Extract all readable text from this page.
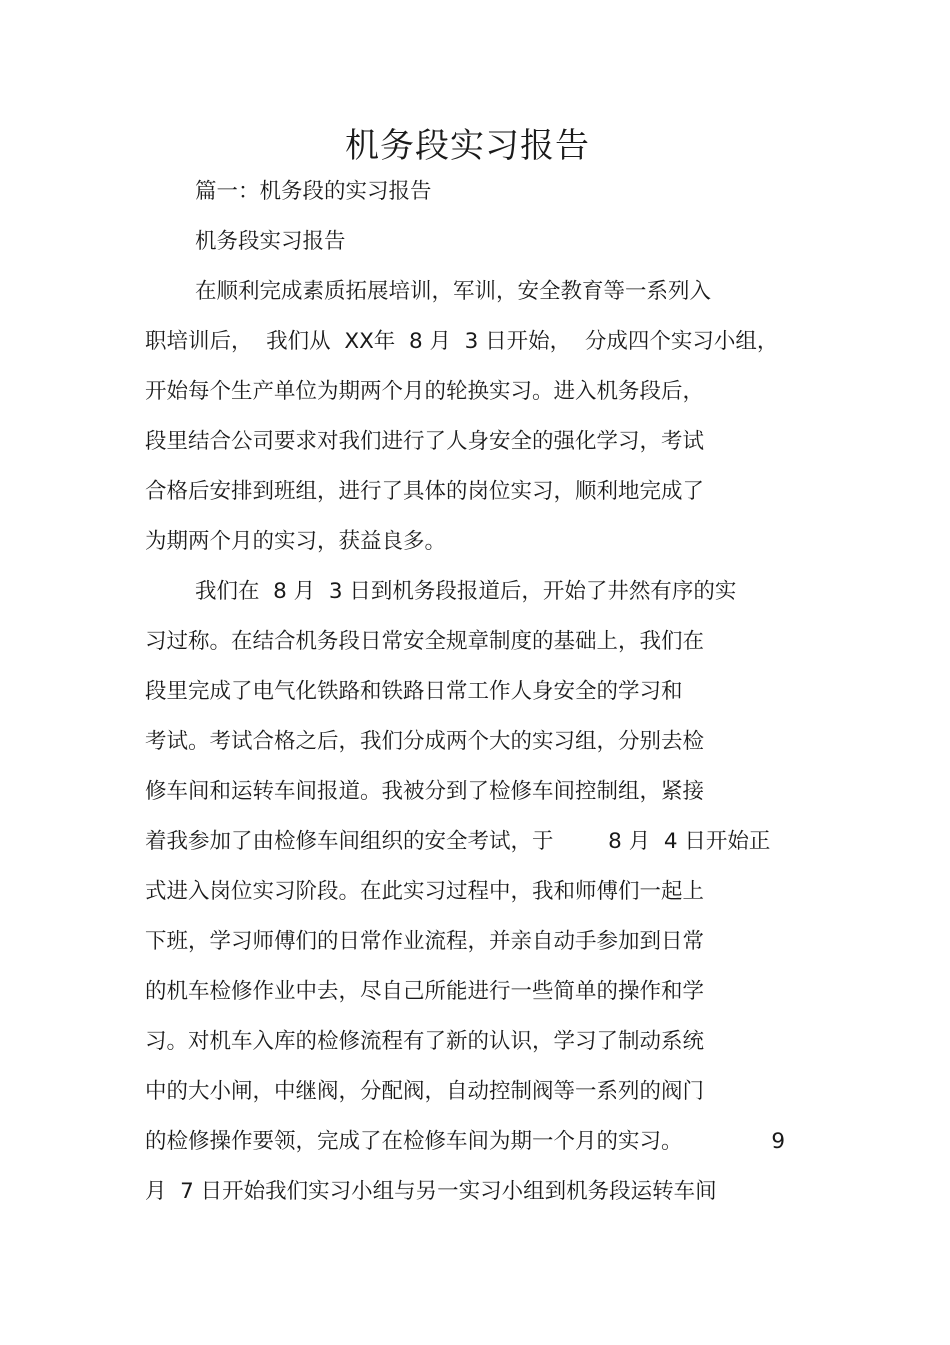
机务段实习报告
篇一：机务段的实习报告
机务段实习报告
在顺利完成素质拓展培训，军训，安全教育等一系列入
职培训后，  我们从  XX年  8 月  3 日开始，  分成四个实习小组，
开始每个生产单位为期两个月的轮换实习。进入机务段后，
段里结合公司要求对我们进行了人身安全的强化学习，考试
合格后安排到班组，进行了具体的岗位实习，顺利地完成了
为期两个月的实习，获益良多。
我们在  8 月  3 日到机务段报道后，开始了井然有序的实
习过称。在结合机务段日常安全规章制度的基础上，我们在
段里完成了电气化铁路和铁路日常工作人身安全的学习和
考试。考试合格之后，我们分成两个大的实习组，分别去检
修车间和运转车间报道。我被分到了检修车间控制组，紧接
着我参加了由检修车间组织的安全考试，于        8 月  4 日开始正
式进入岗位实习阶段。在此实习过程中，我和师傅们一起上
下班，学习师傅们的日常作业流程，并亲自动手参加到日常
的机车检修作业中去，尽自己所能进行一些简单的操作和学
习。对机车入库的检修流程有了新的认识，学习了制动系统
中的大小闸，中继阀，分配阀，自动控制阀等一系列的阀门
的检修操作要领，完成了在检修车间为期一个月的实习。             9
月  7 日开始我们实习小组与另一实习小组到机务段运转车间
